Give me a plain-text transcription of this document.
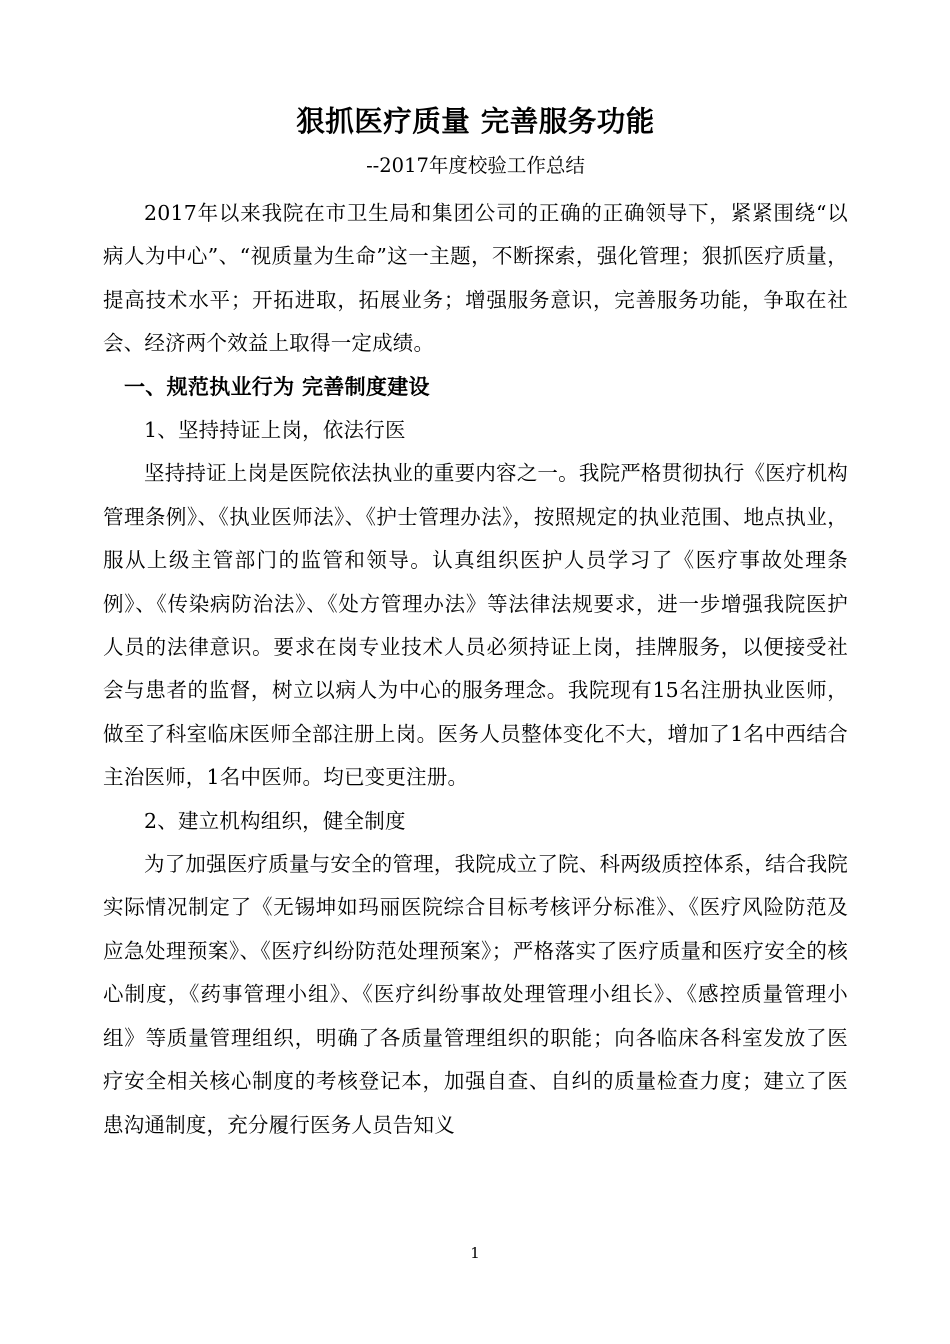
狠抓医疗质量 完善服务功能
--2017年度校验工作总结

2017年以来我院在市卫生局和集团公司的正确的正确领导下，紧紧围绕“以病人为中心”、“视质量为生命”这一主题，不断探索，强化管理；狠抓医疗质量，提高技术水平；开拓进取，拓展业务；增强服务意识，完善服务功能，争取在社会、经济两个效益上取得一定成绩。

一、规范执业行为 完善制度建设

1、坚持持证上岗，依法行医

坚持持证上岗是医院依法执业的重要内容之一。我院严格贯彻执行《医疗机构管理条例》、《执业医师法》、《护士管理办法》，按照规定的执业范围、地点执业，服从上级主管部门的监管和领导。认真组织医护人员学习了《医疗事故处理条例》、《传染病防治法》、《处方管理办法》等法律法规要求，进一步增强我院医护人员的法律意识。要求在岗专业技术人员必须持证上岗，挂牌服务，以便接受社会与患者的监督，树立以病人为中心的服务理念。我院现有15名注册执业医师，做至了科室临床医师全部注册上岗。医务人员整体变化不大，增加了1名中西结合主治医师，1名中医师。均已变更注册。

2、建立机构组织，健全制度

为了加强医疗质量与安全的管理，我院成立了院、科两级质控体系，结合我院实际情况制定了《无锡坤如玛丽医院综合目标考核评分标准》、《医疗风险防范及应急处理预案》、《医疗纠纷防范处理预案》；严格落实了医疗质量和医疗安全的核心制度，《药事管理小组》、《医疗纠纷事故处理管理小组长》、《感控质量管理小组》等质量管理组织，明确了各质量管理组织的职能；向各临床各科室发放了医疗安全相关核心制度的考核登记本，加强自查、自纠的质量检查力度；建立了医患沟通制度，充分履行医务人员告知义

1
